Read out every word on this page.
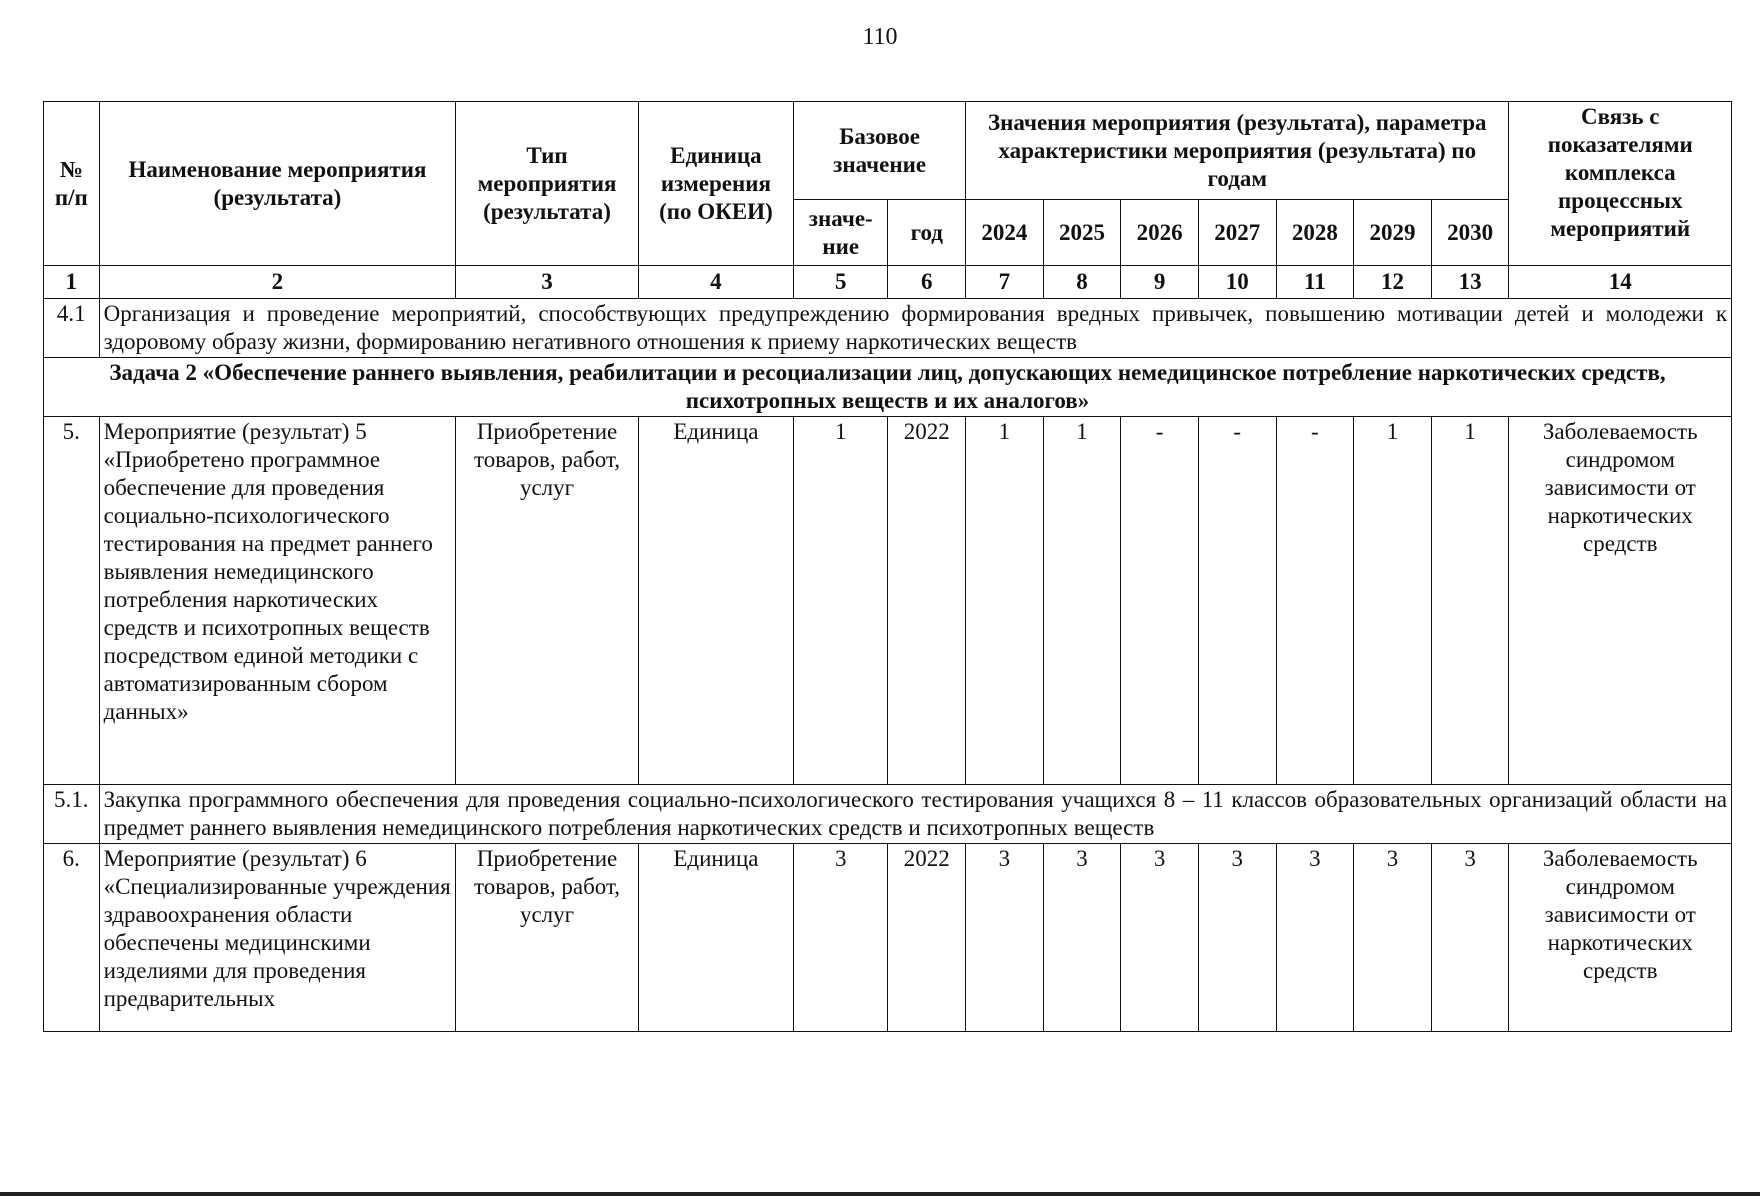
110
№ п/п	Наименование мероприятия (результата)	Тип мероприятия (результата)	Единица измерения (по ОКЕИ)	Базовое значение		Значения мероприятия (результата), параметра характеристики мероприятия (результата) по годам							Связь с показателями комплекса процессных мероприятий
				значе-ние	год	2024	2025	2026	2027	2028	2029	2030	
1	2	3	4	5	6	7	8	9	10	11	12	13	14
4.1	Организация и проведение мероприятий, способствующих предупреждению формирования вредных привычек, повышению мотивации детей и молодежи к здоровому образу жизни, формированию негативного отношения к приему наркотических веществ												
Задача 2 «Обеспечение раннего выявления, реабилитации и ресоциализации лиц, допускающих немедицинское потребление наркотических средств, психотропных веществ и их аналогов»													
5.	Мероприятие (результат) 5 «Приобретено программное обеспечение для проведения социально-психологического тестирования на предмет раннего выявления немедицинского потребления наркотических средств и психотропных веществ посредством единой методики с автоматизированным сбором данных»	Приобретение товаров, работ, услуг	Единица	1	2022	1	1	-	-	-	1	1	Заболеваемость синдромом зависимости от наркотических средств
5.1.	Закупка программного обеспечения для проведения социально-психологического тестирования учащихся 8 – 11 классов образовательных организаций области на предмет раннего выявления немедицинского потребления наркотических средств и психотропных веществ												
6.	Мероприятие (результат) 6 «Специализированные учреждения здравоохранения области обеспечены медицинскими изделиями для проведения предварительных	Приобретение товаров, работ, услуг	Единица	3	2022	3	3	3	3	3	3	3	Заболеваемость синдромом зависимости от наркотических средств
